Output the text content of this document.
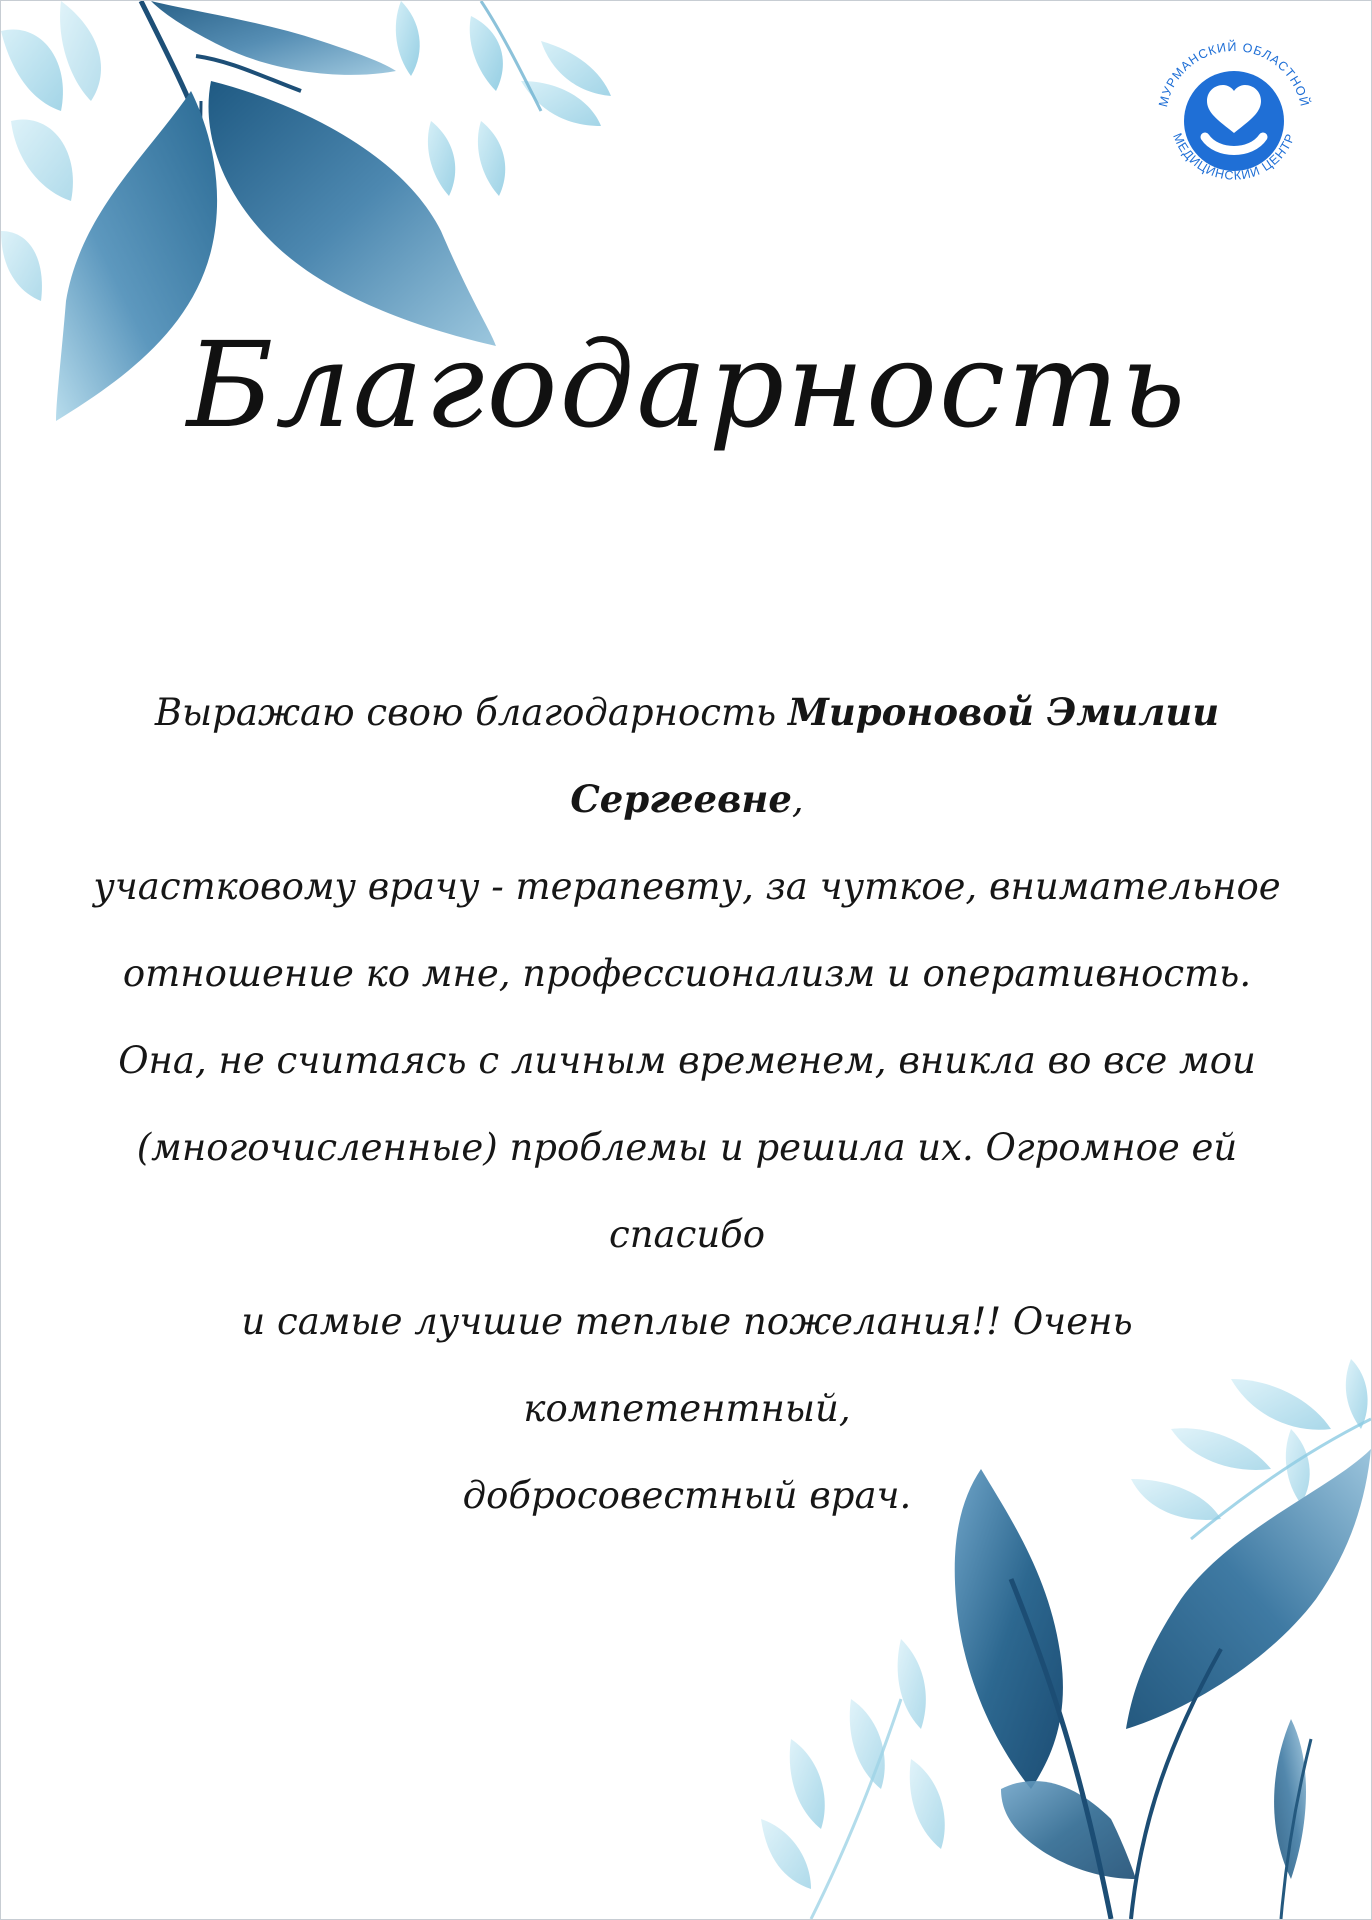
МУРМАНСКИЙ ОБЛАСТНОЙ
МЕДИЦИНСКИЙ ЦЕНТР
Благодарность

Выражаю свою благодарность Мироновой Эмилии Сергеевне,

участковому врачу - терапевту, за чуткое, внимательное

отношение ко мне, профессионализм и оперативность.

Она, не считаясь с личным временем, вникла во все мои

(многочисленные) проблемы и решила их. Огромное ей спасибо

и самые лучшие теплые пожелания!! Очень компетентный,

добросовестный врач.
